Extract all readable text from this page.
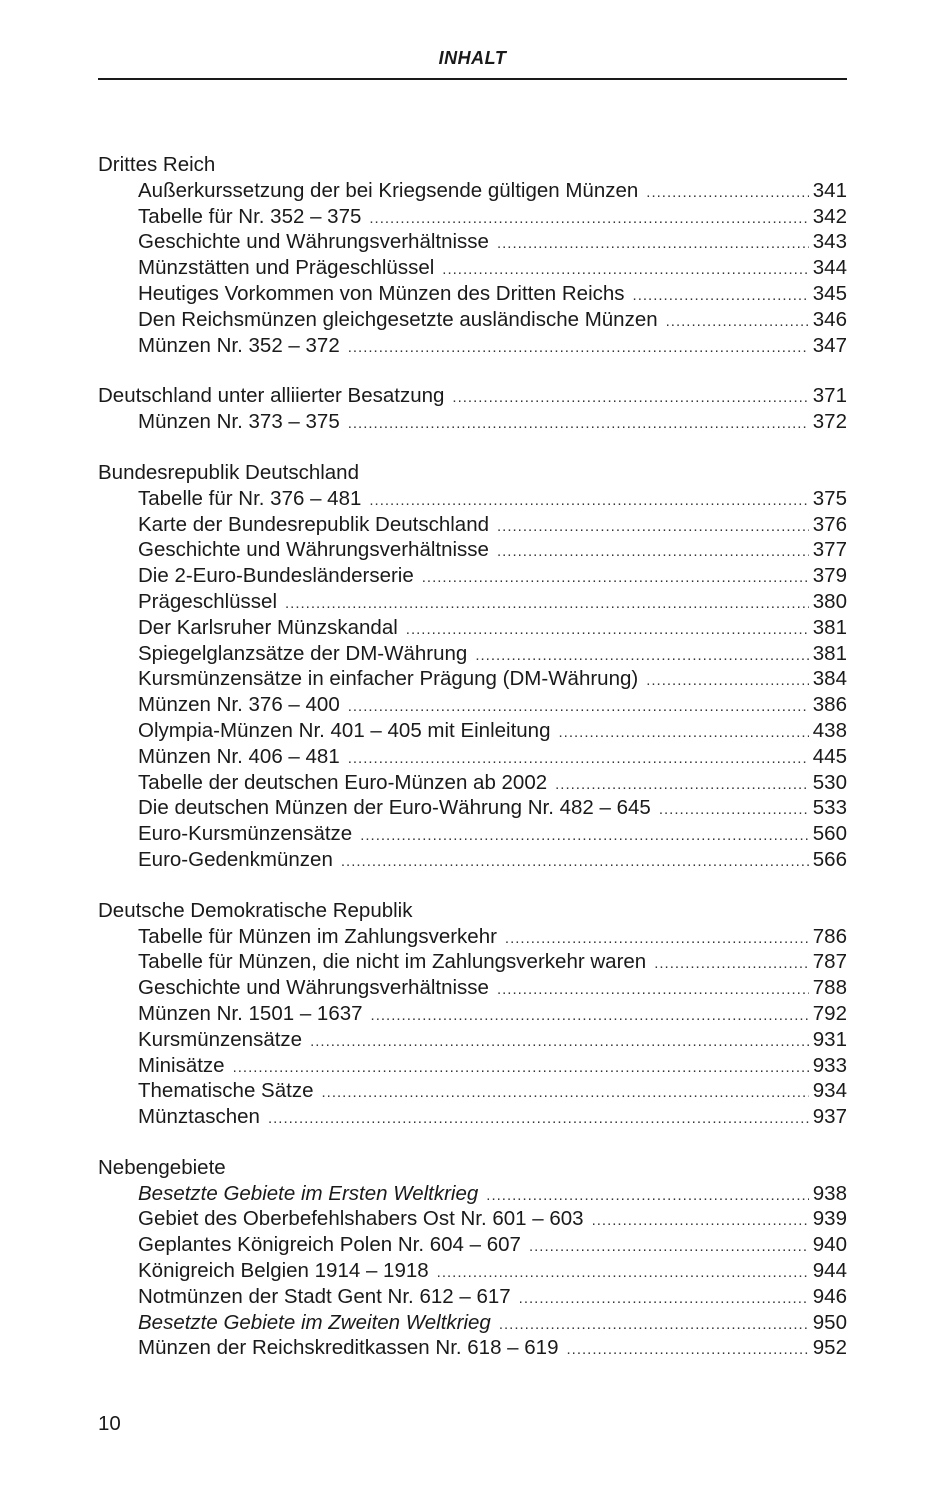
INHALT
Drittes Reich
Außerkurssetzung der bei Kriegsende gültigen Münzen .....	341
Tabelle für Nr. 352 – 375 .....	342
Geschichte und Währungsverhältnisse .....	343
Münzstätten und Prägeschlüssel .....	344
Heutiges Vorkommen von Münzen des Dritten Reichs .....	345
Den Reichsmünzen gleichgesetzte ausländische Münzen .....	346
Münzen Nr. 352 – 372 .....	347
Deutschland unter alliierter Besatzung .....	371
Münzen Nr. 373 – 375 .....	372
Bundesrepublik Deutschland
Tabelle für Nr. 376 – 481 .....	375
Karte der Bundesrepublik Deutschland .....	376
Geschichte und Währungsverhältnisse .....	377
Die 2-Euro-Bundesländerserie .....	379
Prägeschlüssel .....	380
Der Karlsruher Münzskandal .....	381
Spiegelglanzsätze der DM-Währung .....	381
Kursmünzensätze in einfacher Prägung (DM-Währung) .....	384
Münzen Nr. 376 – 400 .....	386
Olympia-Münzen Nr. 401 – 405 mit Einleitung .....	438
Münzen Nr. 406 – 481 .....	445
Tabelle der deutschen Euro-Münzen ab 2002 .....	530
Die deutschen Münzen der Euro-Währung Nr. 482 – 645 .....	533
Euro-Kursmünzensätze .....	560
Euro-Gedenkmünzen .....	566
Deutsche Demokratische Republik
Tabelle für Münzen im Zahlungsverkehr .....	786
Tabelle für Münzen, die nicht im Zahlungsverkehr waren .....	787
Geschichte und Währungsverhältnisse .....	788
Münzen Nr. 1501 – 1637 .....	792
Kursmünzensätze .....	931
Minisätze .....	933
Thematische Sätze .....	934
Münztaschen .....	937
Nebengebiete
Besetzte Gebiete im Ersten Weltkrieg .....	938
Gebiet des Oberbefehlshabers Ost Nr. 601 – 603 .....	939
Geplantes Königreich Polen Nr. 604 – 607 .....	940
Königreich Belgien 1914 – 1918 .....	944
Notmünzen der Stadt Gent Nr. 612 – 617 .....	946
Besetzte Gebiete im Zweiten Weltkrieg .....	950
Münzen der Reichskreditkassen Nr. 618 – 619 .....	952
10
